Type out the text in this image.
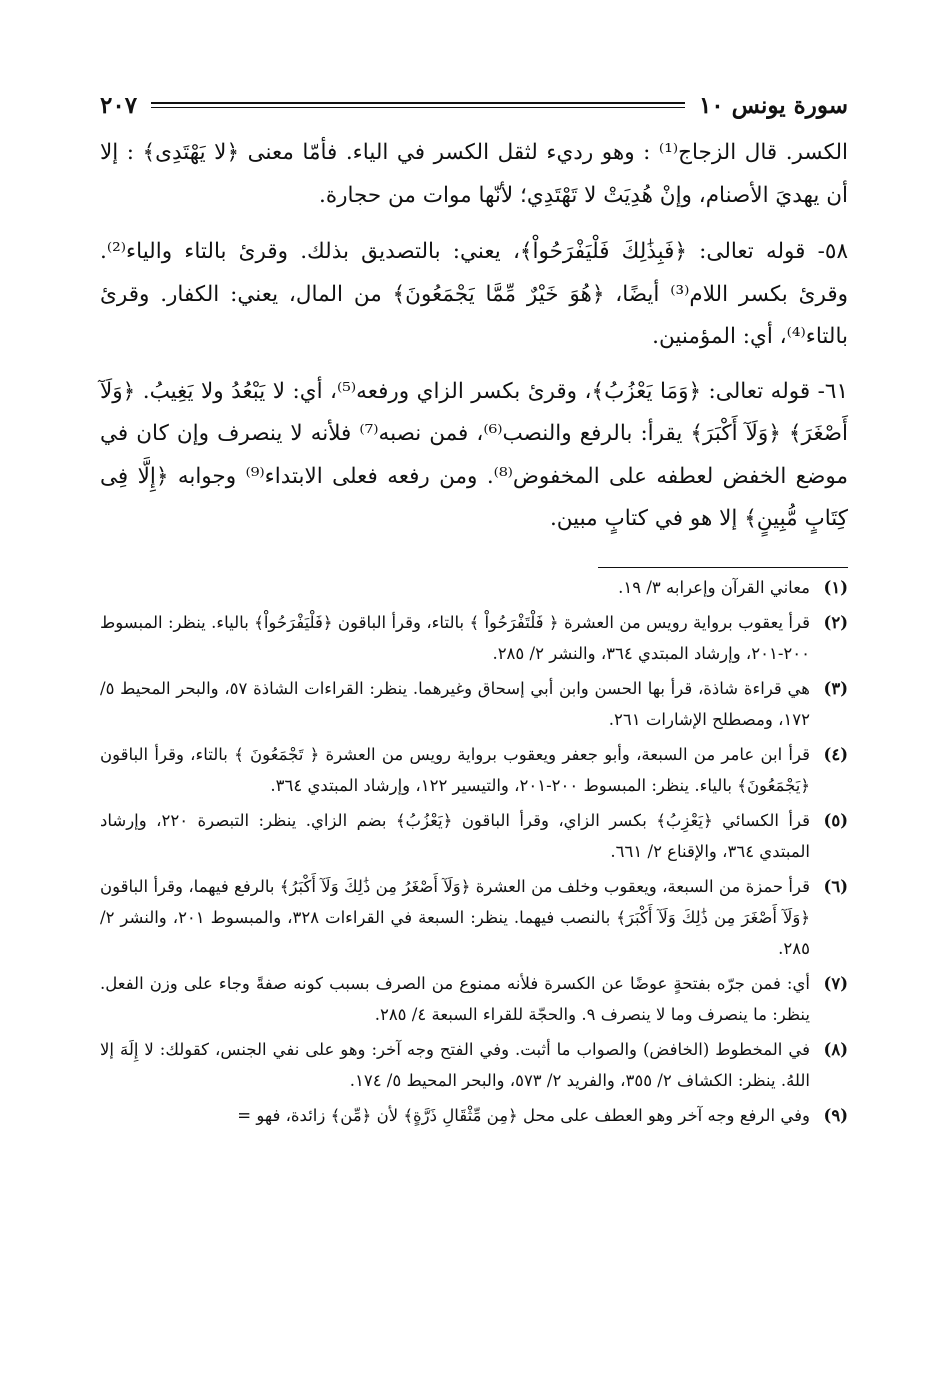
سورة يونس ١٠
٢٠٧

الكسر. قال الزجاج⁽¹⁾ : وهو رديء لثقل الكسر في الياء. فأمّا معنى ﴿لا يَهْتَدِى﴾ : إلا أن يهديَ الأصنام، وإنْ هُدِيَتْ لا تَهْتَدِي؛ لأنّها موات من حجارة.

٥٨- قوله تعالى: ﴿فَبِذَٰلِكَ فَلْيَفْرَحُواْ﴾، يعني: بالتصديق بذلك. وقرئ بالتاء والياء⁽²⁾. وقرئ بكسر اللام⁽³⁾ أيضًا، ﴿هُوَ خَيْرٌ مِّمَّا يَجْمَعُونَ﴾ من المال، يعني: الكفار. وقرئ بالتاء⁽⁴⁾، أي: المؤمنين.

٦١- قوله تعالى: ﴿وَمَا يَعْزُبُ﴾، وقرئ بكسر الزاي ورفعه⁽⁵⁾، أي: لا يَبْعُدُ ولا يَغِيبُ. ﴿وَلَآ أَصْغَرَ﴾ ﴿وَلَآ أَكْبَرَ﴾ يقرأ: بالرفع والنصب⁽⁶⁾، فمن نصبه⁽⁷⁾ فلأنه لا ينصرف وإن كان في موضع الخفض لعطفه على المخفوض⁽⁸⁾. ومن رفعه فعلى الابتداء⁽⁹⁾ وجوابه ﴿إِلَّا فِى كِتَابٍ مُّبِينٍ﴾ إلا هو في كتابٍ مبين.

(١)
معاني القرآن وإعرابه ٣/ ١٩.
(٢)
قرأ يعقوب برواية رويس من العشرة ﴿ فَلْتَفْرَحُواْ ﴾ بالتاء، وقرأ الباقون ﴿فَلْيَفْرَحُواْ﴾ بالياء. ينظر: المبسوط ٢٠٠-٢٠١، وإرشاد المبتدي ٣٦٤، والنشر ٢/ ٢٨٥.
(٣)
هي قراءة شاذة، قرأ بها الحسن وابن أبي إسحاق وغيرهما. ينظر: القراءات الشاذة ٥٧، والبحر المحيط ٥/ ١٧٢، ومصطلح الإشارات ٢٦١.
(٤)
قرأ ابن عامر من السبعة، وأبو جعفر ويعقوب برواية رويس من العشرة ﴿ تَجْمَعُونَ ﴾ بالتاء، وقرأ الباقون ﴿يَجْمَعُونَ﴾ بالياء. ينظر: المبسوط ٢٠٠-٢٠١، والتيسير ١٢٢، وإرشاد المبتدي ٣٦٤.
(٥)
قرأ الكسائي ﴿يَعْزِبُ﴾ بكسر الزاي، وقرأ الباقون ﴿يَعْزُبُ﴾ بضم الزاي. ينظر: التبصرة ٢٢٠، وإرشاد المبتدي ٣٦٤، والإقناع ٢/ ٦٦١.
(٦)
قرأ حمزة من السبعة، ويعقوب وخلف من العشرة ﴿وَلَآ أَصْغَرُ مِن ذَٰلِكَ وَلَآ أَكْبَرُ﴾ بالرفع فيهما، وقرأ الباقون ﴿وَلَآ أَصْغَرَ مِن ذَٰلِكَ وَلَآ أَكْبَرَ﴾ بالنصب فيهما. ينظر: السبعة في القراءات ٣٢٨، والمبسوط ٢٠١، والنشر ٢/ ٢٨٥.
(٧)
أي: فمن جرّه بفتحةٍ عوضًا عن الكسرة فلأنه ممنوع من الصرف بسبب كونه صفةً وجاء على وزن الفعل. ينظر: ما ينصرف وما لا ينصرف ٩. والحجّة للقراء السبعة ٤/ ٢٨٥.
(٨)
في المخطوط (الخافض) والصواب ما أثبت. وفي الفتح وجه آخر: وهو على نفي الجنس، كقولك: لا إِلَهَ إلا اللهُ. ينظر: الكشاف ٢/ ٣٥٥، والفريد ٢/ ٥٧٣، والبحر المحيط ٥/ ١٧٤.
(٩)
وفي الرفع وجه آخر وهو العطف على محل ﴿مِن مِّثْقَالِ ذَرَّةٍ﴾ لأن ﴿مِّن﴾ زائدة، فهو =
